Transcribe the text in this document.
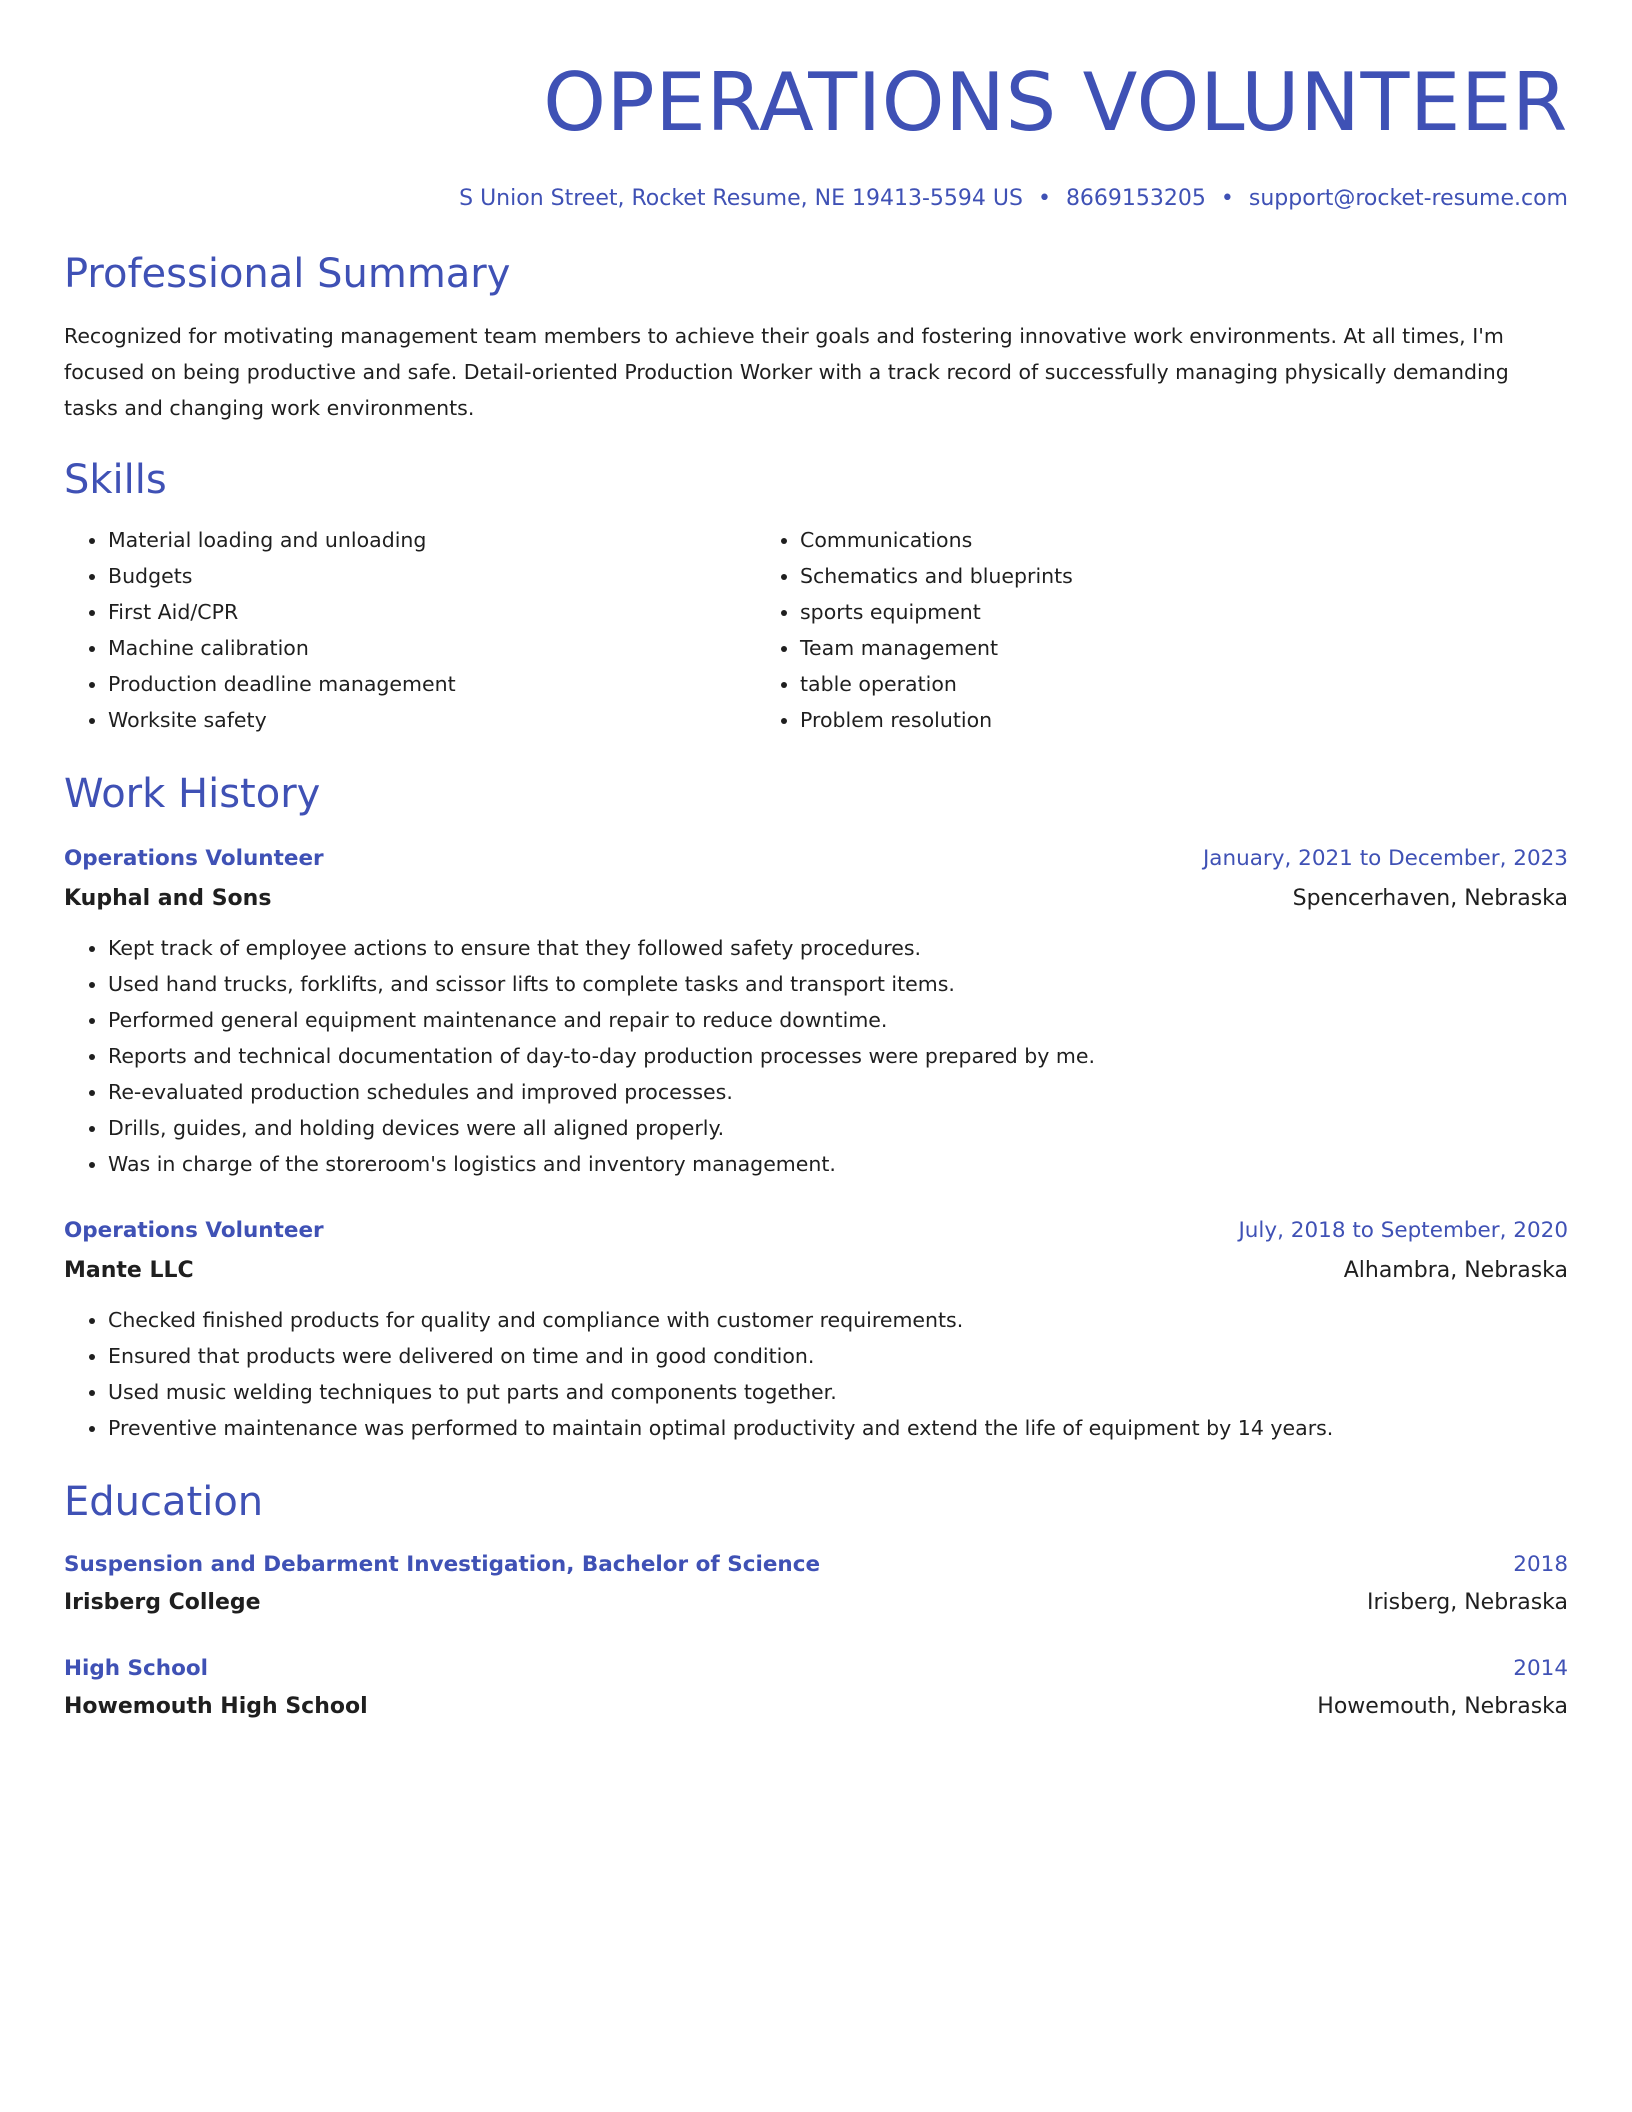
OPERATIONS VOLUNTEER
S Union Street, Rocket Resume, NE 19413-5594 US • 8669153205 • support@rocket-resume.com
Professional Summary
Recognized for motivating management team members to achieve their goals and fostering innovative work environments. At all times, I'm focused on being productive and safe. Detail-oriented Production Worker with a track record of successfully managing physically demanding tasks and changing work environments.
Skills
• Material loading and unloading
• Budgets
• First Aid/CPR
• Machine calibration
• Production deadline management
• Worksite safety
• Communications
• Schematics and blueprints
• sports equipment
• Team management
• table operation
• Problem resolution
Work History
Operations Volunteer	January, 2021 to December, 2023
Kuphal and Sons	Spencerhaven, Nebraska
• Kept track of employee actions to ensure that they followed safety procedures.
• Used hand trucks, forklifts, and scissor lifts to complete tasks and transport items.
• Performed general equipment maintenance and repair to reduce downtime.
• Reports and technical documentation of day-to-day production processes were prepared by me.
• Re-evaluated production schedules and improved processes.
• Drills, guides, and holding devices were all aligned properly.
• Was in charge of the storeroom's logistics and inventory management.
Operations Volunteer	July, 2018 to September, 2020
Mante LLC	Alhambra, Nebraska
• Checked finished products for quality and compliance with customer requirements.
• Ensured that products were delivered on time and in good condition.
• Used music welding techniques to put parts and components together.
• Preventive maintenance was performed to maintain optimal productivity and extend the life of equipment by 14 years.
Education
Suspension and Debarment Investigation, Bachelor of Science	2018
Irisberg College	Irisberg, Nebraska
High School	2014
Howemouth High School	Howemouth, Nebraska
